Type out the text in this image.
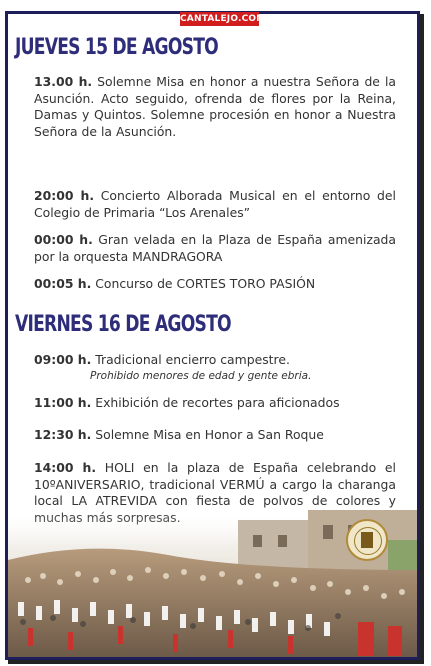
CANTALEJO.COM
JUEVES 15 DE AGOSTO
13.00 h. Solemne Misa en honor a nuestra Señora de la Asunción. Acto seguido, ofrenda de flores por la Reina, Damas y Quintos. Solemne procesión en honor a Nuestra Señora de la Asunción.
20:00 h. Concierto Alborada Musical en el entorno del Colegio de Primaria “Los Arenales”
00:00 h. Gran velada en la Plaza de España amenizada por la orquesta MANDRAGORA
00:05 h. Concurso de CORTES TORO PASIÓN
VIERNES 16 DE AGOSTO
09:00 h. Tradicional encierro campestre.
Prohibido menores de edad y gente ebria.
11:00 h. Exhibición de recortes para aficionados
12:30 h. Solemne Misa en Honor a San Roque
14:00 h. HOLI en la plaza de España celebrando el 10ºANIVERSARIO, tradicional VERMÚ a cargo la charanga local LA ATREVIDA con fiesta de polvos de colores y
